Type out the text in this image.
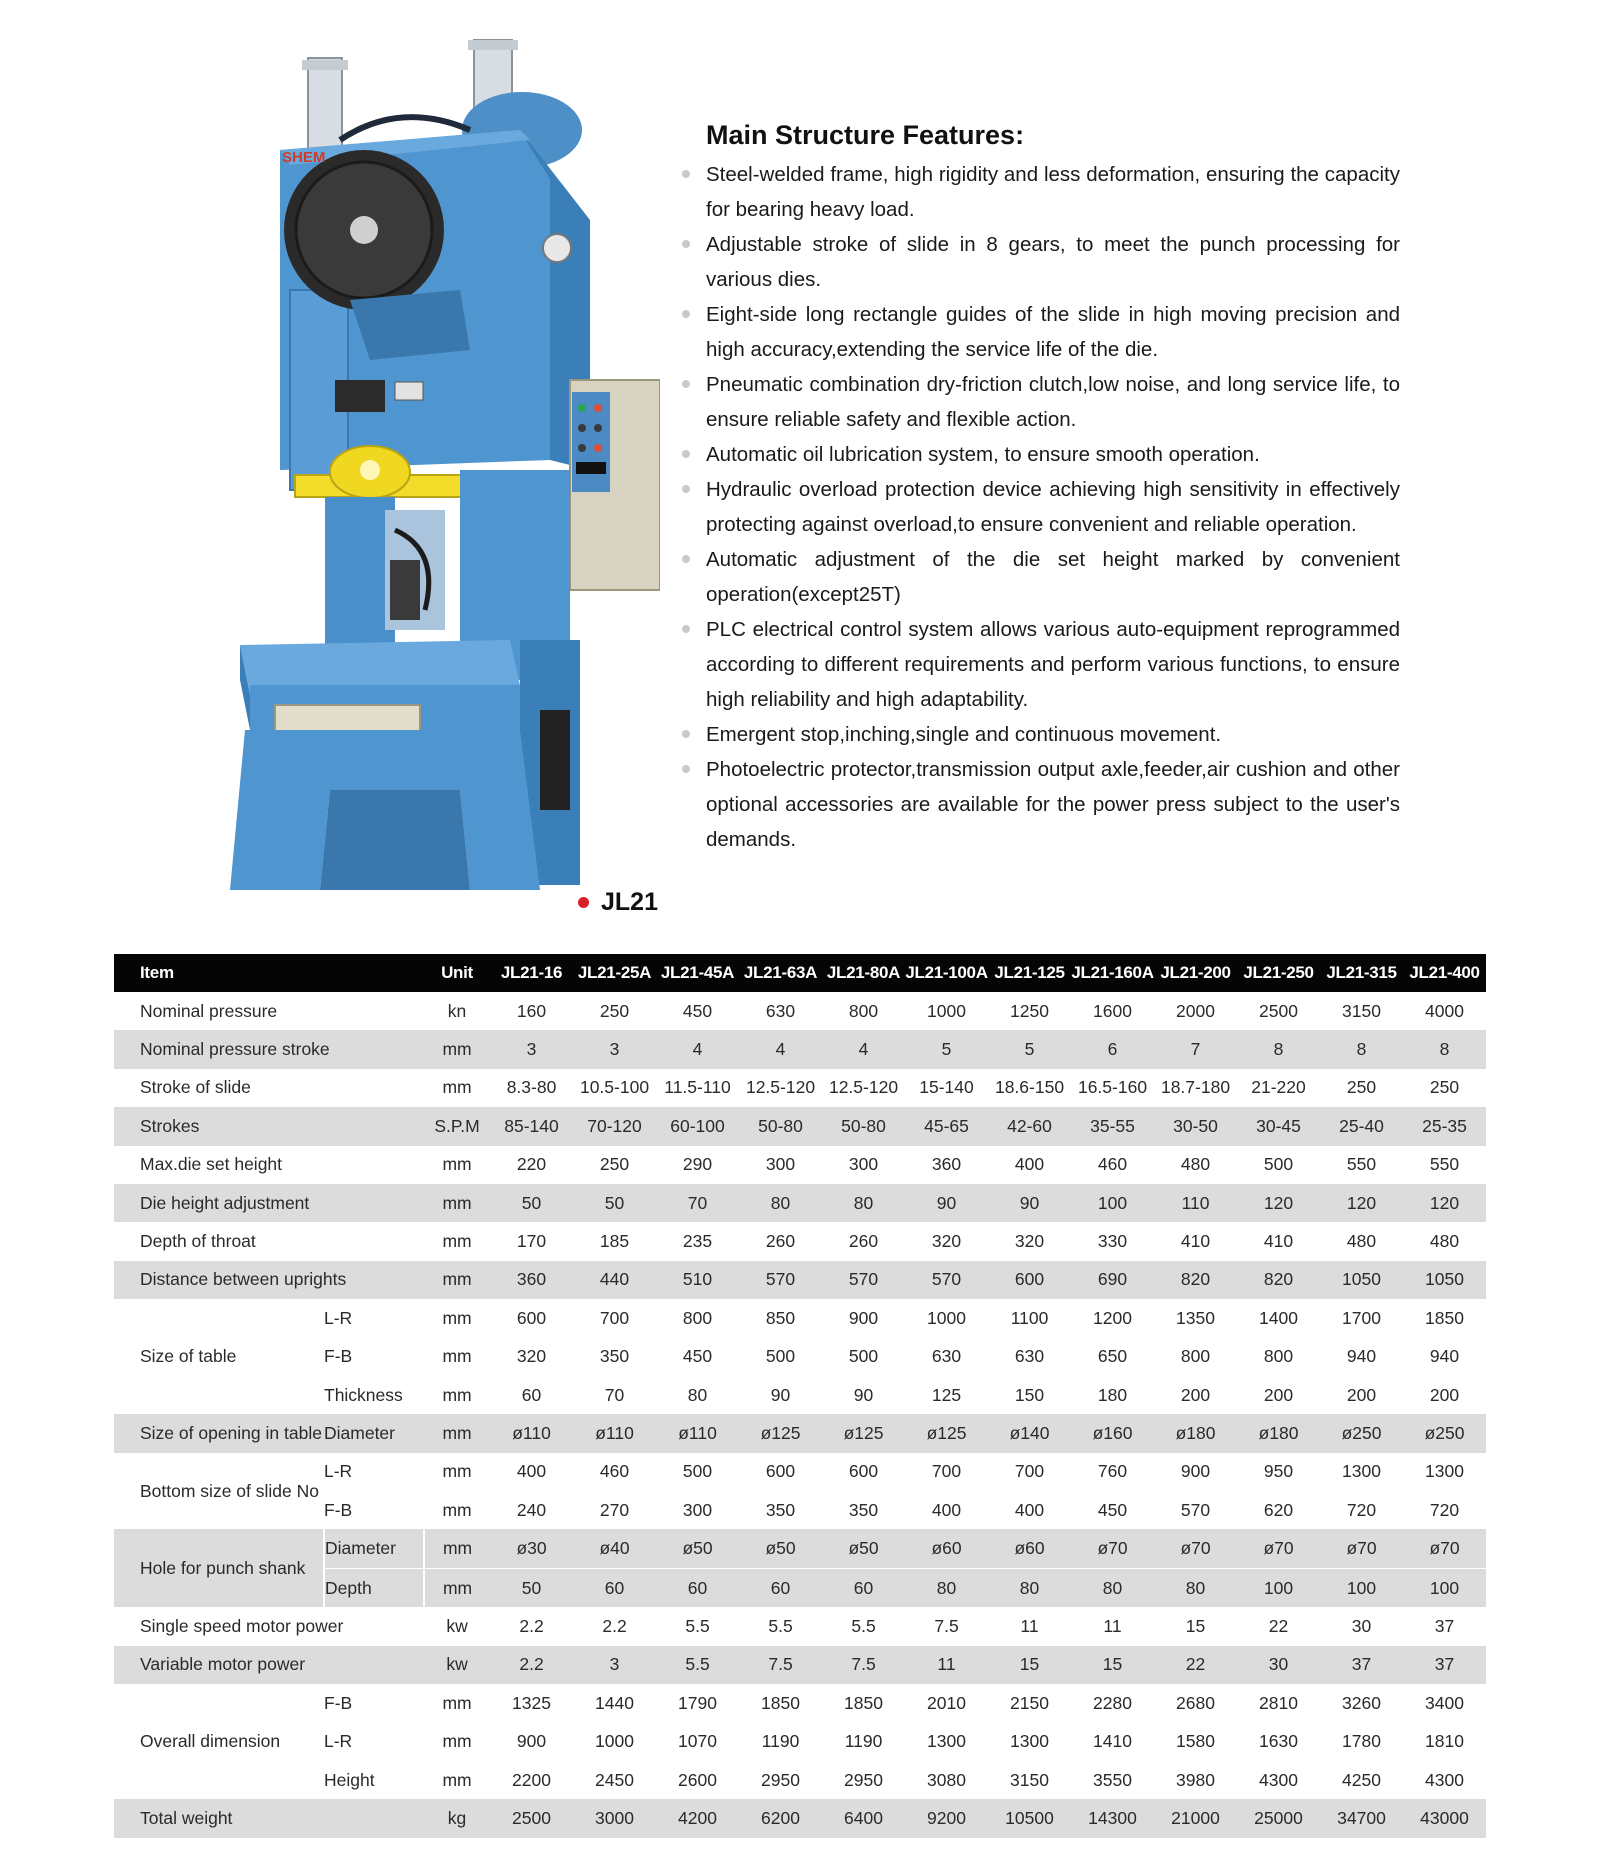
SHEM
JL21
Main Structure Features:
Steel-welded frame, high rigidity and less deformation, ensuring the capacity for bearing heavy load.
Adjustable stroke of slide in 8 gears, to meet the punch processing for various dies.
Eight-side long rectangle guides of the slide in high moving precision and high accuracy,extending the service life of the die.
Pneumatic combination dry-friction clutch,low noise, and long service life, to ensure reliable safety and flexible action.
Automatic oil lubrication system, to ensure smooth operation.
Hydraulic overload protection device achieving high sensitivity in effectively protecting against overload,to ensure convenient and reliable operation.
Automatic adjustment of the die set height marked by convenient operation(except25T)
PLC electrical control system allows various auto-equipment reprogrammed according to different requirements and perform various functions, to ensure high reliability and high adaptability.
Emergent stop,inching,single and continuous movement.
Photoelectric protector,transmission output axle,feeder,air cushion and other optional accessories are available for the power press subject to the user's demands.
Item		Unit	JL21-16	JL21-25A	JL21-45A	JL21-63A	JL21-80A	JL21-100A	JL21-125	JL21-160A	JL21-200	JL21-250	JL21-315	JL21-400
Nominal pressure		kn	160	250	450	630	800	1000	1250	1600	2000	2500	3150	4000
Nominal pressure stroke		mm	3	3	4	4	4	5	5	6	7	8	8	8
Stroke of slide		mm	8.3-80	10.5-100	11.5-110	12.5-120	12.5-120	15-140	18.6-150	16.5-160	18.7-180	21-220	250	250
Strokes		S.P.M	85-140	70-120	60-100	50-80	50-80	45-65	42-60	35-55	30-50	30-45	25-40	25-35
Max.die set height		mm	220	250	290	300	300	360	400	460	480	500	550	550
Die height adjustment		mm	50	50	70	80	80	90	90	100	110	120	120	120
Depth of throat		mm	170	185	235	260	260	320	320	330	410	410	480	480
Distance between uprights		mm	360	440	510	570	570	570	600	690	820	820	1050	1050
Size of table	L-R	mm	600	700	800	850	900	1000	1100	1200	1350	1400	1700	1850
	F-B	mm	320	350	450	500	500	630	630	650	800	800	940	940
	Thickness	mm	60	70	80	90	90	125	150	180	200	200	200	200
Size of opening in table	Diameter	mm	ø110	ø110	ø110	ø125	ø125	ø125	ø140	ø160	ø180	ø180	ø250	ø250
Bottom size of slide No	L-R	mm	400	460	500	600	600	700	700	760	900	950	1300	1300
	F-B	mm	240	270	300	350	350	400	400	450	570	620	720	720
Hole for punch shank	Diameter	mm	ø30	ø40	ø50	ø50	ø50	ø60	ø60	ø70	ø70	ø70	ø70	ø70
	Depth	mm	50	60	60	60	60	80	80	80	80	100	100	100
Single speed motor power		kw	2.2	2.2	5.5	5.5	5.5	7.5	11	11	15	22	30	37
Variable motor power		kw	2.2	3	5.5	7.5	7.5	11	15	15	22	30	37	37
Overall dimension	F-B	mm	1325	1440	1790	1850	1850	2010	2150	2280	2680	2810	3260	3400
	L-R	mm	900	1000	1070	1190	1190	1300	1300	1410	1580	1630	1780	1810
	Height	mm	2200	2450	2600	2950	2950	3080	3150	3550	3980	4300	4250	4300
Total weight		kg	2500	3000	4200	6200	6400	9200	10500	14300	21000	25000	34700	43000
